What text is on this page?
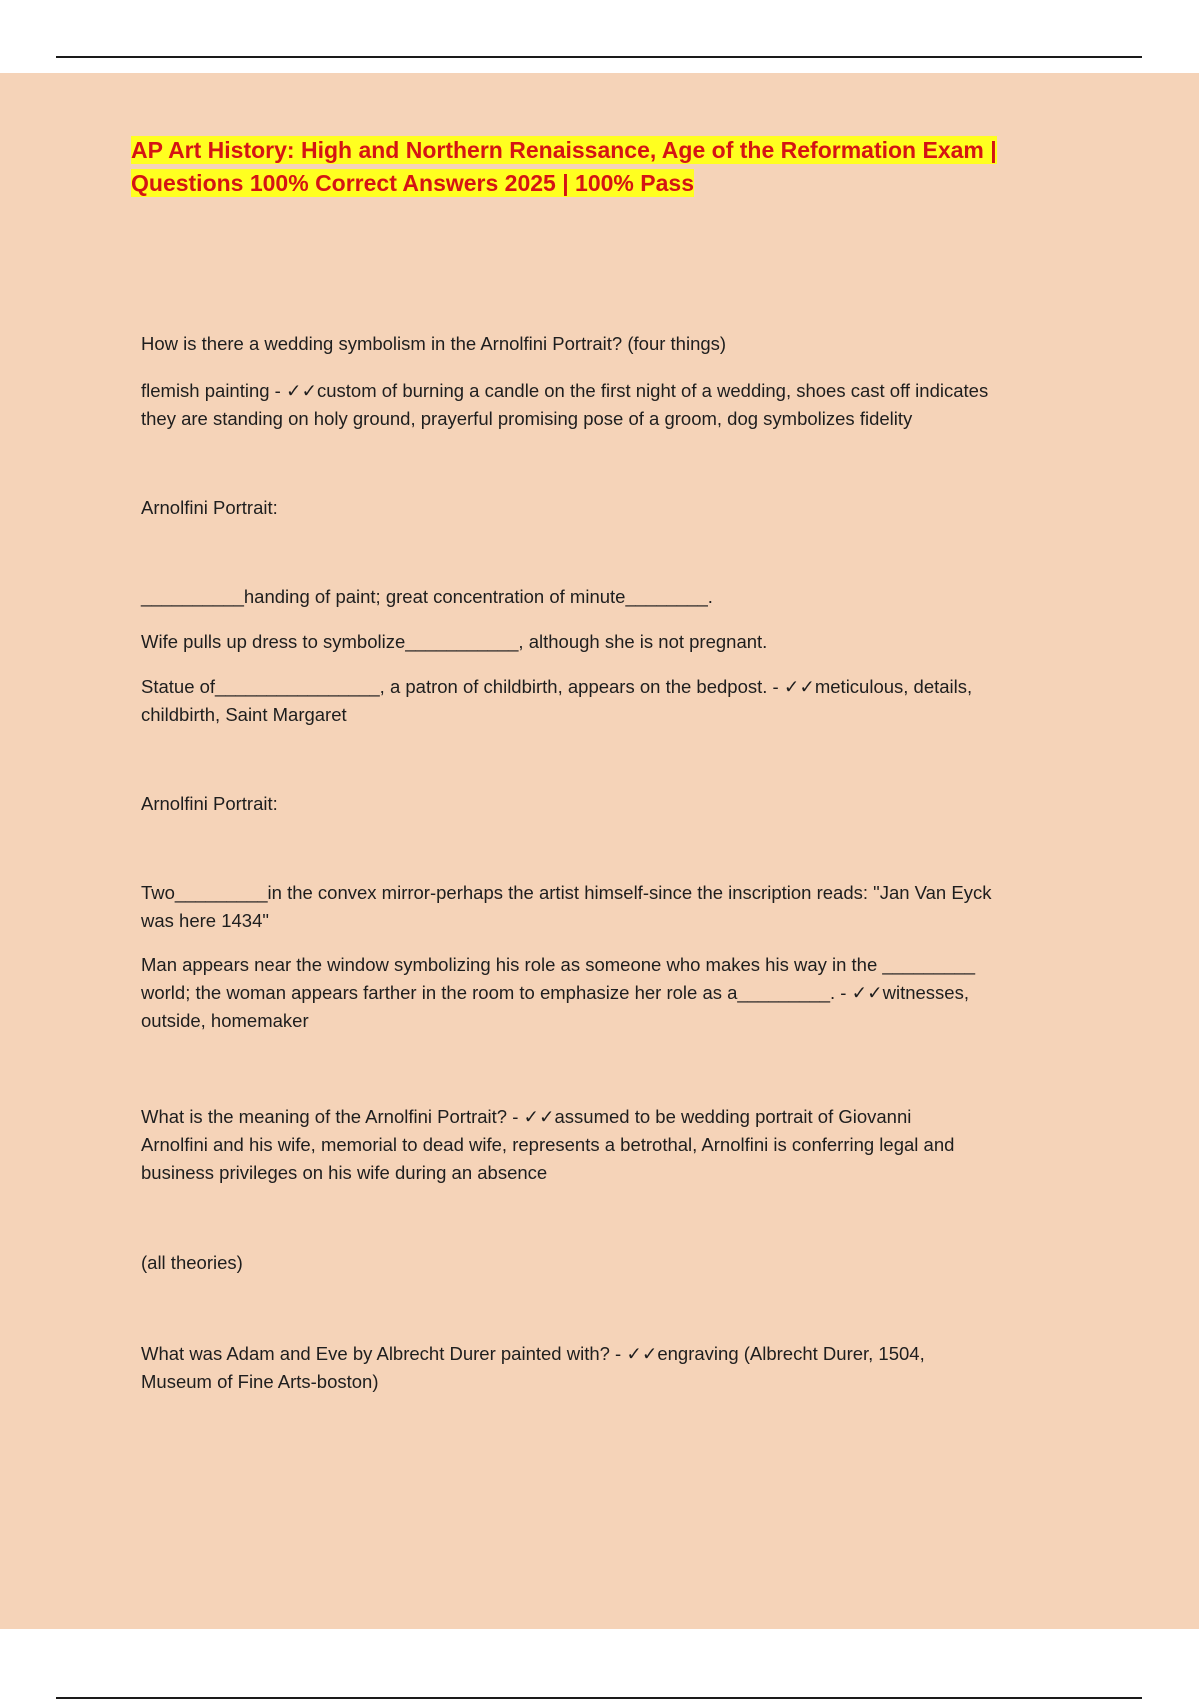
AP Art History: High and Northern Renaissance, Age of the Reformation Exam |
Questions 100% Correct Answers 2025 | 100% Pass

How is there a wedding symbolism in the Arnolfini Portrait? (four things)

flemish painting - ✓✓custom of burning a candle on the first night of a wedding, shoes cast off indicates
they are standing on holy ground, prayerful promising pose of a groom, dog symbolizes fidelity

Arnolfini Portrait:

__________handing of paint; great concentration of minute________.

Wife pulls up dress to symbolize___________, although she is not pregnant.

Statue of________________, a patron of childbirth, appears on the bedpost. - ✓✓meticulous, details,
childbirth, Saint Margaret

Arnolfini Portrait:

Two_________in the convex mirror-perhaps the artist himself-since the inscription reads: "Jan Van Eyck
was here 1434"

Man appears near the window symbolizing his role as someone who makes his way in the _________
world; the woman appears farther in the room to emphasize her role as a_________. - ✓✓witnesses,
outside, homemaker

What is the meaning of the Arnolfini Portrait? - ✓✓assumed to be wedding portrait of Giovanni
Arnolfini and his wife, memorial to dead wife, represents a betrothal, Arnolfini is conferring legal and
business privileges on his wife during an absence

(all theories)

What was Adam and Eve by Albrecht Durer painted with? - ✓✓engraving (Albrecht Durer, 1504,
Museum of Fine Arts-boston)
